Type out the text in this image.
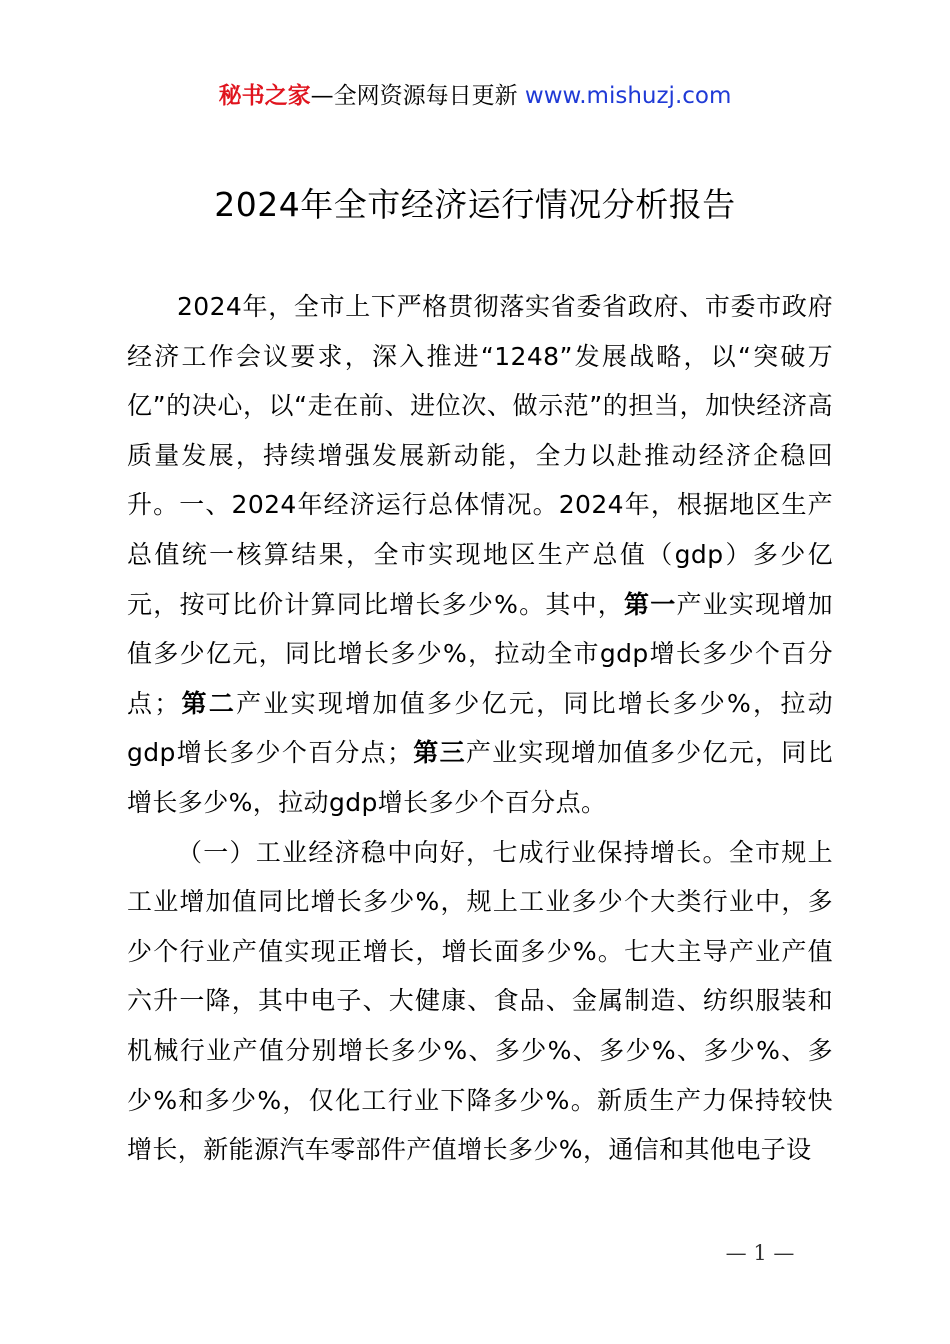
秘书之家—全网资源每日更新 www.mishuzj.com
2024年全市经济运行情况分析报告

2024年，全市上下严格贯彻落实省委省政府、市委市政府经济工作会议要求，深入推进“1248”发展战略，以“突破万亿”的决心，以“走在前、进位次、做示范”的担当，加快经济高质量发展，持续增强发展新动能，全力以赴推动经济企稳回升。一、2024年经济运行总体情况。2024年，根据地区生产总值统一核算结果，全市实现地区生产总值（gdp）多少亿元，按可比价计算同比增长多少%。其中，第一产业实现增加值多少亿元，同比增长多少%，拉动全市gdp增长多少个百分点；第二产业实现增加值多少亿元，同比增长多少%，拉动gdp增长多少个百分点；第三产业实现增加值多少亿元，同比增长多少%，拉动gdp增长多少个百分点。

（一）工业经济稳中向好，七成行业保持增长。全市规上工业增加值同比增长多少%，规上工业多少个大类行业中，多少个行业产值实现正增长，增长面多少%。七大主导产业产值六升一降，其中电子、大健康、食品、金属制造、纺织服装和机械行业产值分别增长多少%、多少%、多少%、多少%、多少%和多少%，仅化工行业下降多少%。新质生产力保持较快增长，新能源汽车零部件产值增长多少%，通信和其他电子设

— 1 —
